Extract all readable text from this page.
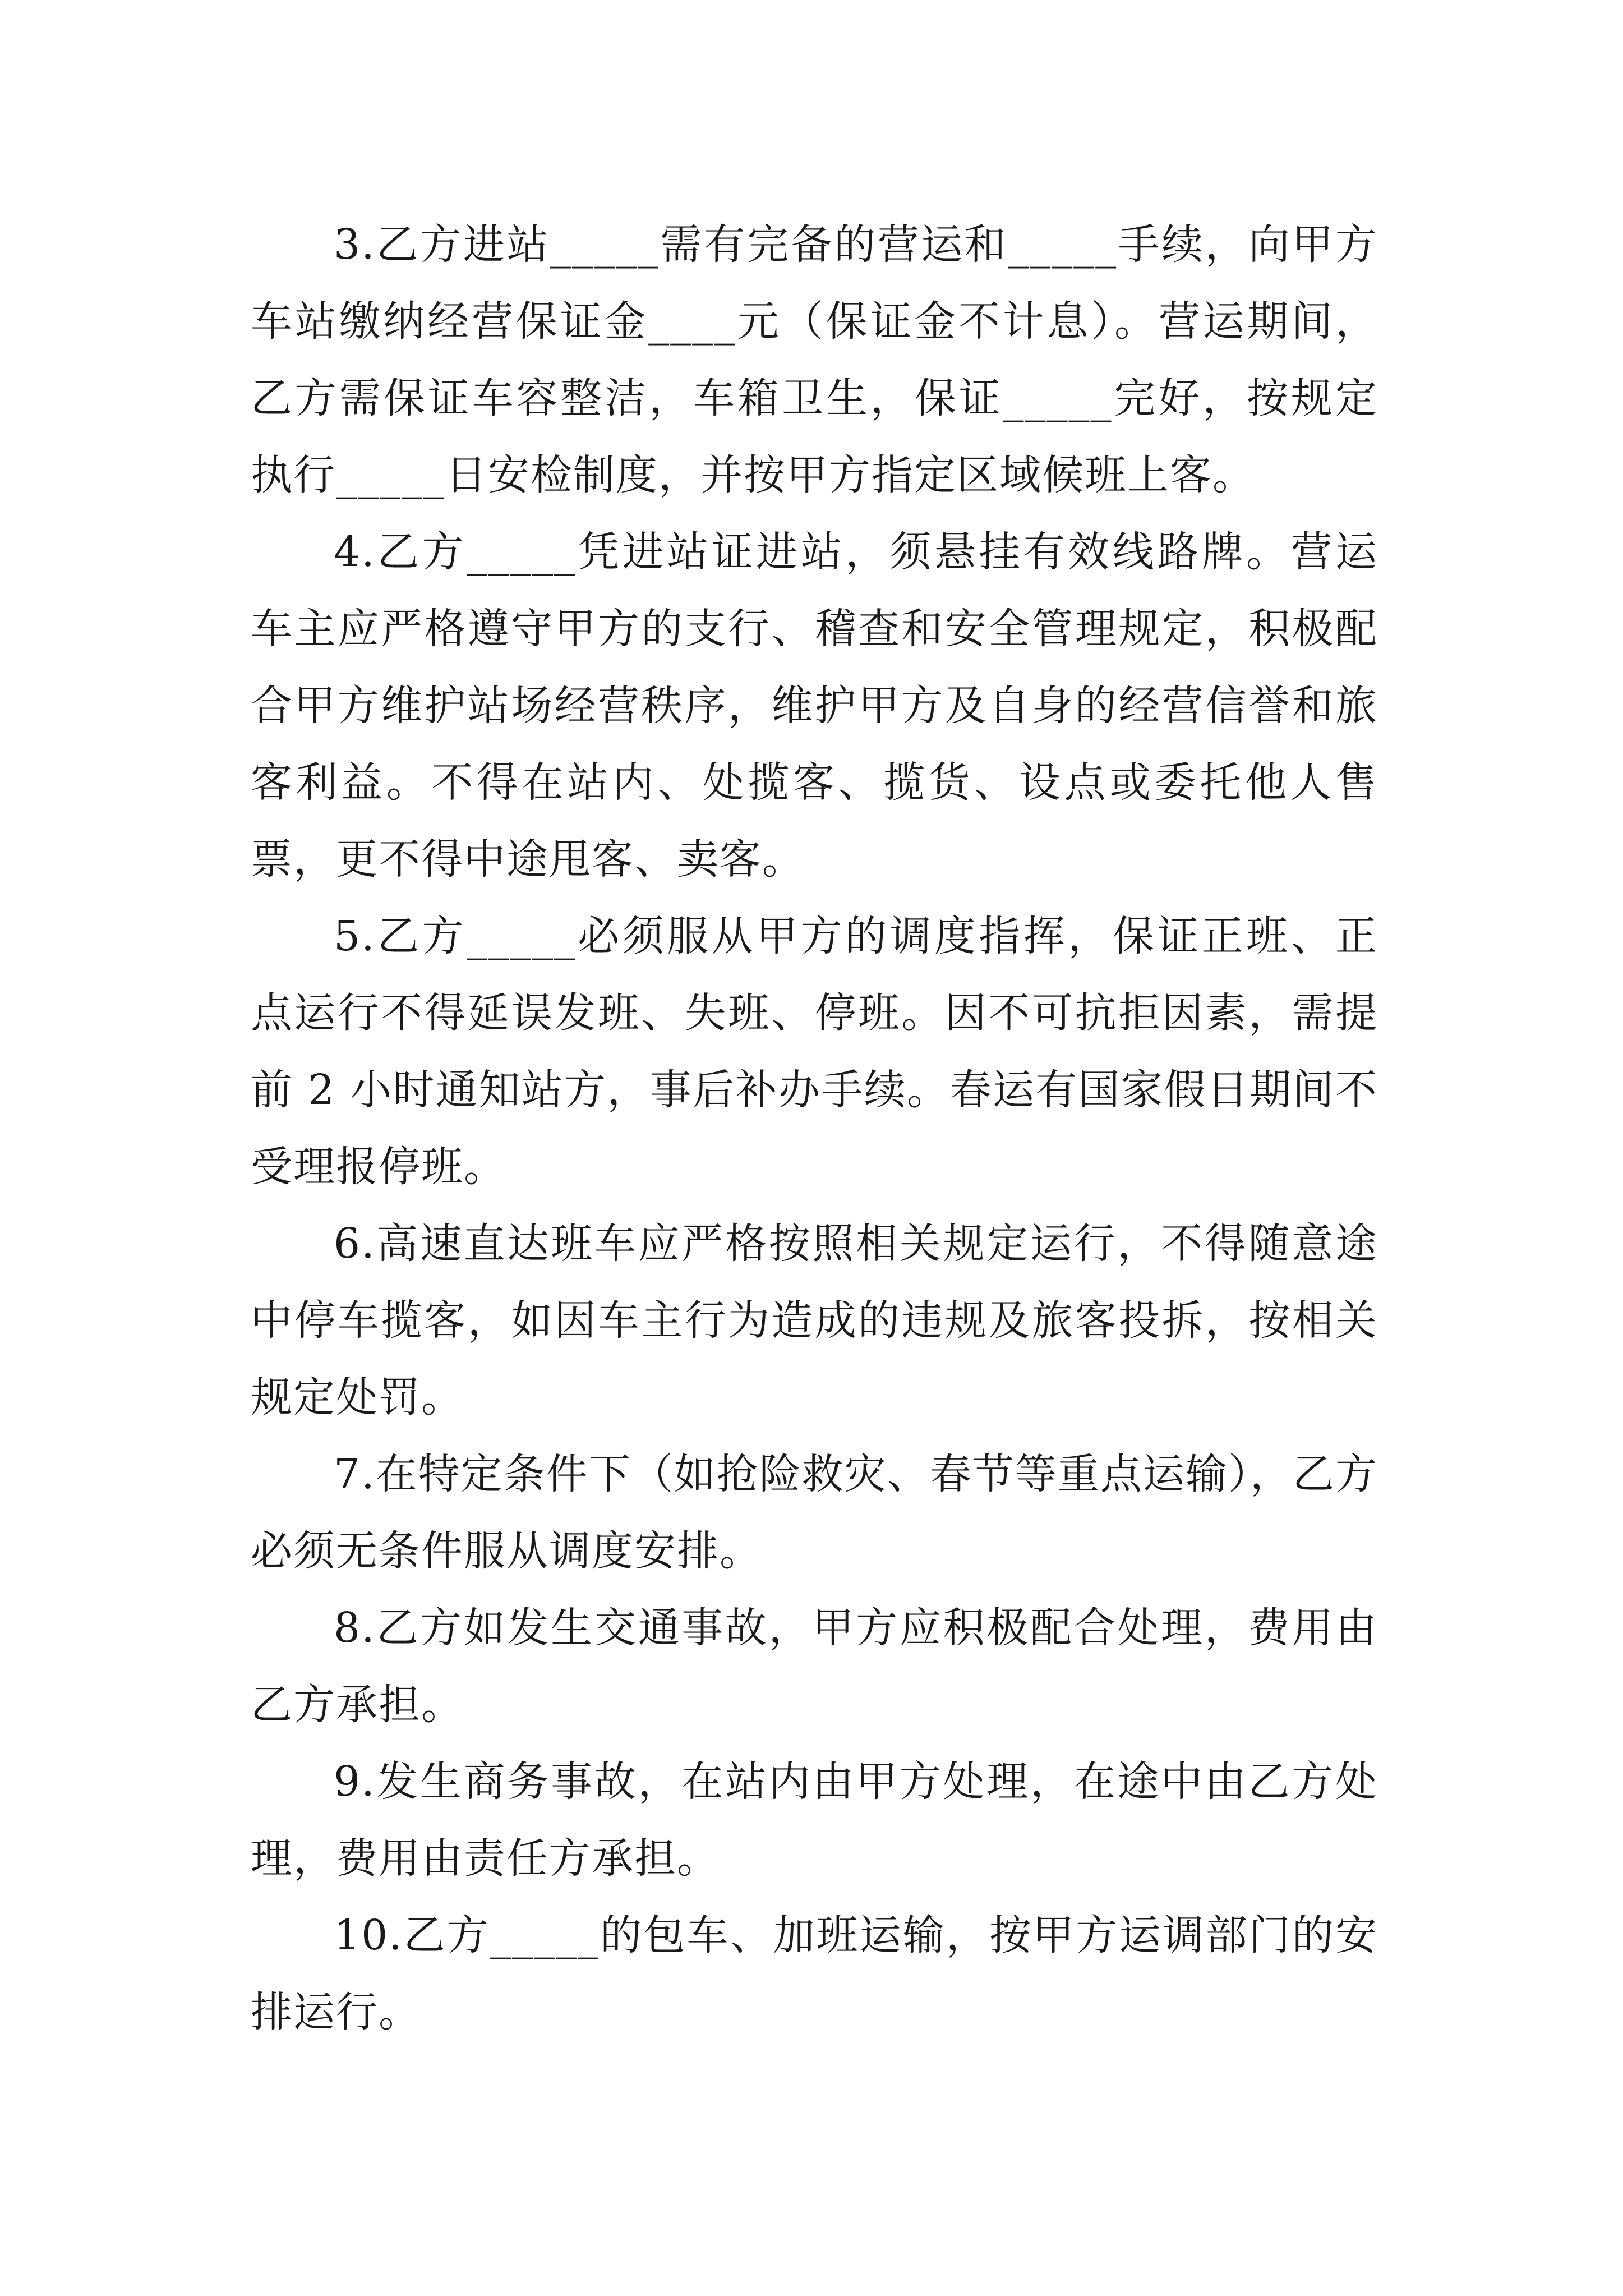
3.乙方进站_____需有完备的营运和_____手续，向甲方车站缴纳经营保证金____元（保证金不计息）。营运期间，乙方需保证车容整洁，车箱卫生，保证_____完好，按规定执行_____日安检制度，并按甲方指定区域候班上客。

4.乙方_____凭进站证进站，须悬挂有效线路牌。营运车主应严格遵守甲方的支行、稽查和安全管理规定，积极配合甲方维护站场经营秩序，维护甲方及自身的经营信誉和旅客利益。不得在站内、处揽客、揽货、设点或委托他人售票，更不得中途甩客、卖客。

5.乙方_____必须服从甲方的调度指挥，保证正班、正点运行不得延误发班、失班、停班。因不可抗拒因素，需提前 2 小时通知站方，事后补办手续。春运有国家假日期间不受理报停班。

6.高速直达班车应严格按照相关规定运行，不得随意途中停车揽客，如因车主行为造成的违规及旅客投拆，按相关规定处罚。

7.在特定条件下（如抢险救灾、春节等重点运输），乙方必须无条件服从调度安排。

8.乙方如发生交通事故，甲方应积极配合处理，费用由乙方承担。

9.发生商务事故，在站内由甲方处理，在途中由乙方处理，费用由责任方承担。

10.乙方_____的包车、加班运输，按甲方运调部门的安排运行。
